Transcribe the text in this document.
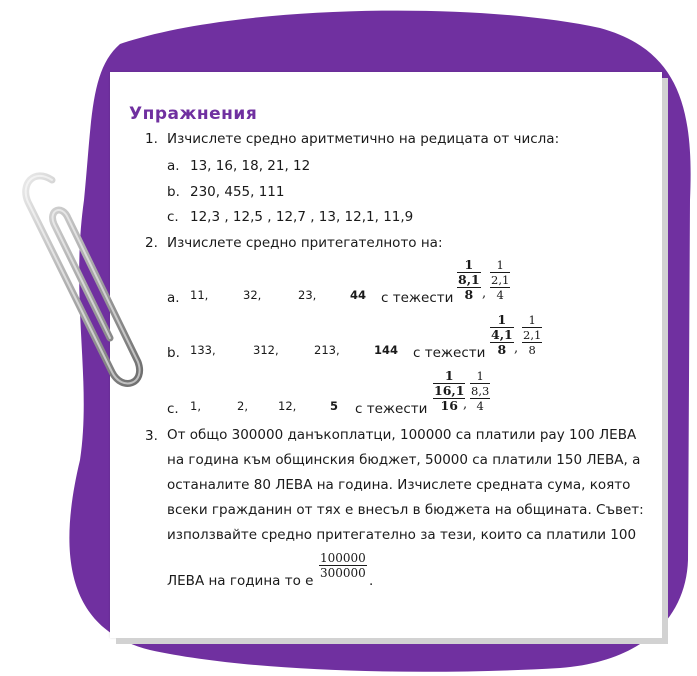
Упражнения
1. Изчислете средно аритметично на редицата от числа:
a. 13, 16, 18, 21, 12
b. 230, 455, 111
c. 12,3 , 12,5 , 12,7 , 13, 12,1, 11,9
2. Изчислете средно притегателното на:
a. 11,	32,	23,	44 с тежести
1
8,1
8 ,
1
2,1
4
b. 133,	312,	213,	144 с тежести
1
4,1
8 ,
1
2,1
8
c. 1,	2,	12,	5 с тежести
1
16,1
16 ,
1
8,3
4
3. От общо 300000 данъкоплатци, 100000 са платили pay 100 ЛЕВА
на година към общинския бюджет, 50000 са платили 150 ЛЕВА, а
останалите 80 ЛЕВА на година. Изчислете средната сума, която
всеки гражданин от тях е внесъл в бюджета на общината. Съвет:
използвайте средно притегателно за тези, които са платили 100
ЛЕВА на година то е
$\frac{100000}{300000}$
.
